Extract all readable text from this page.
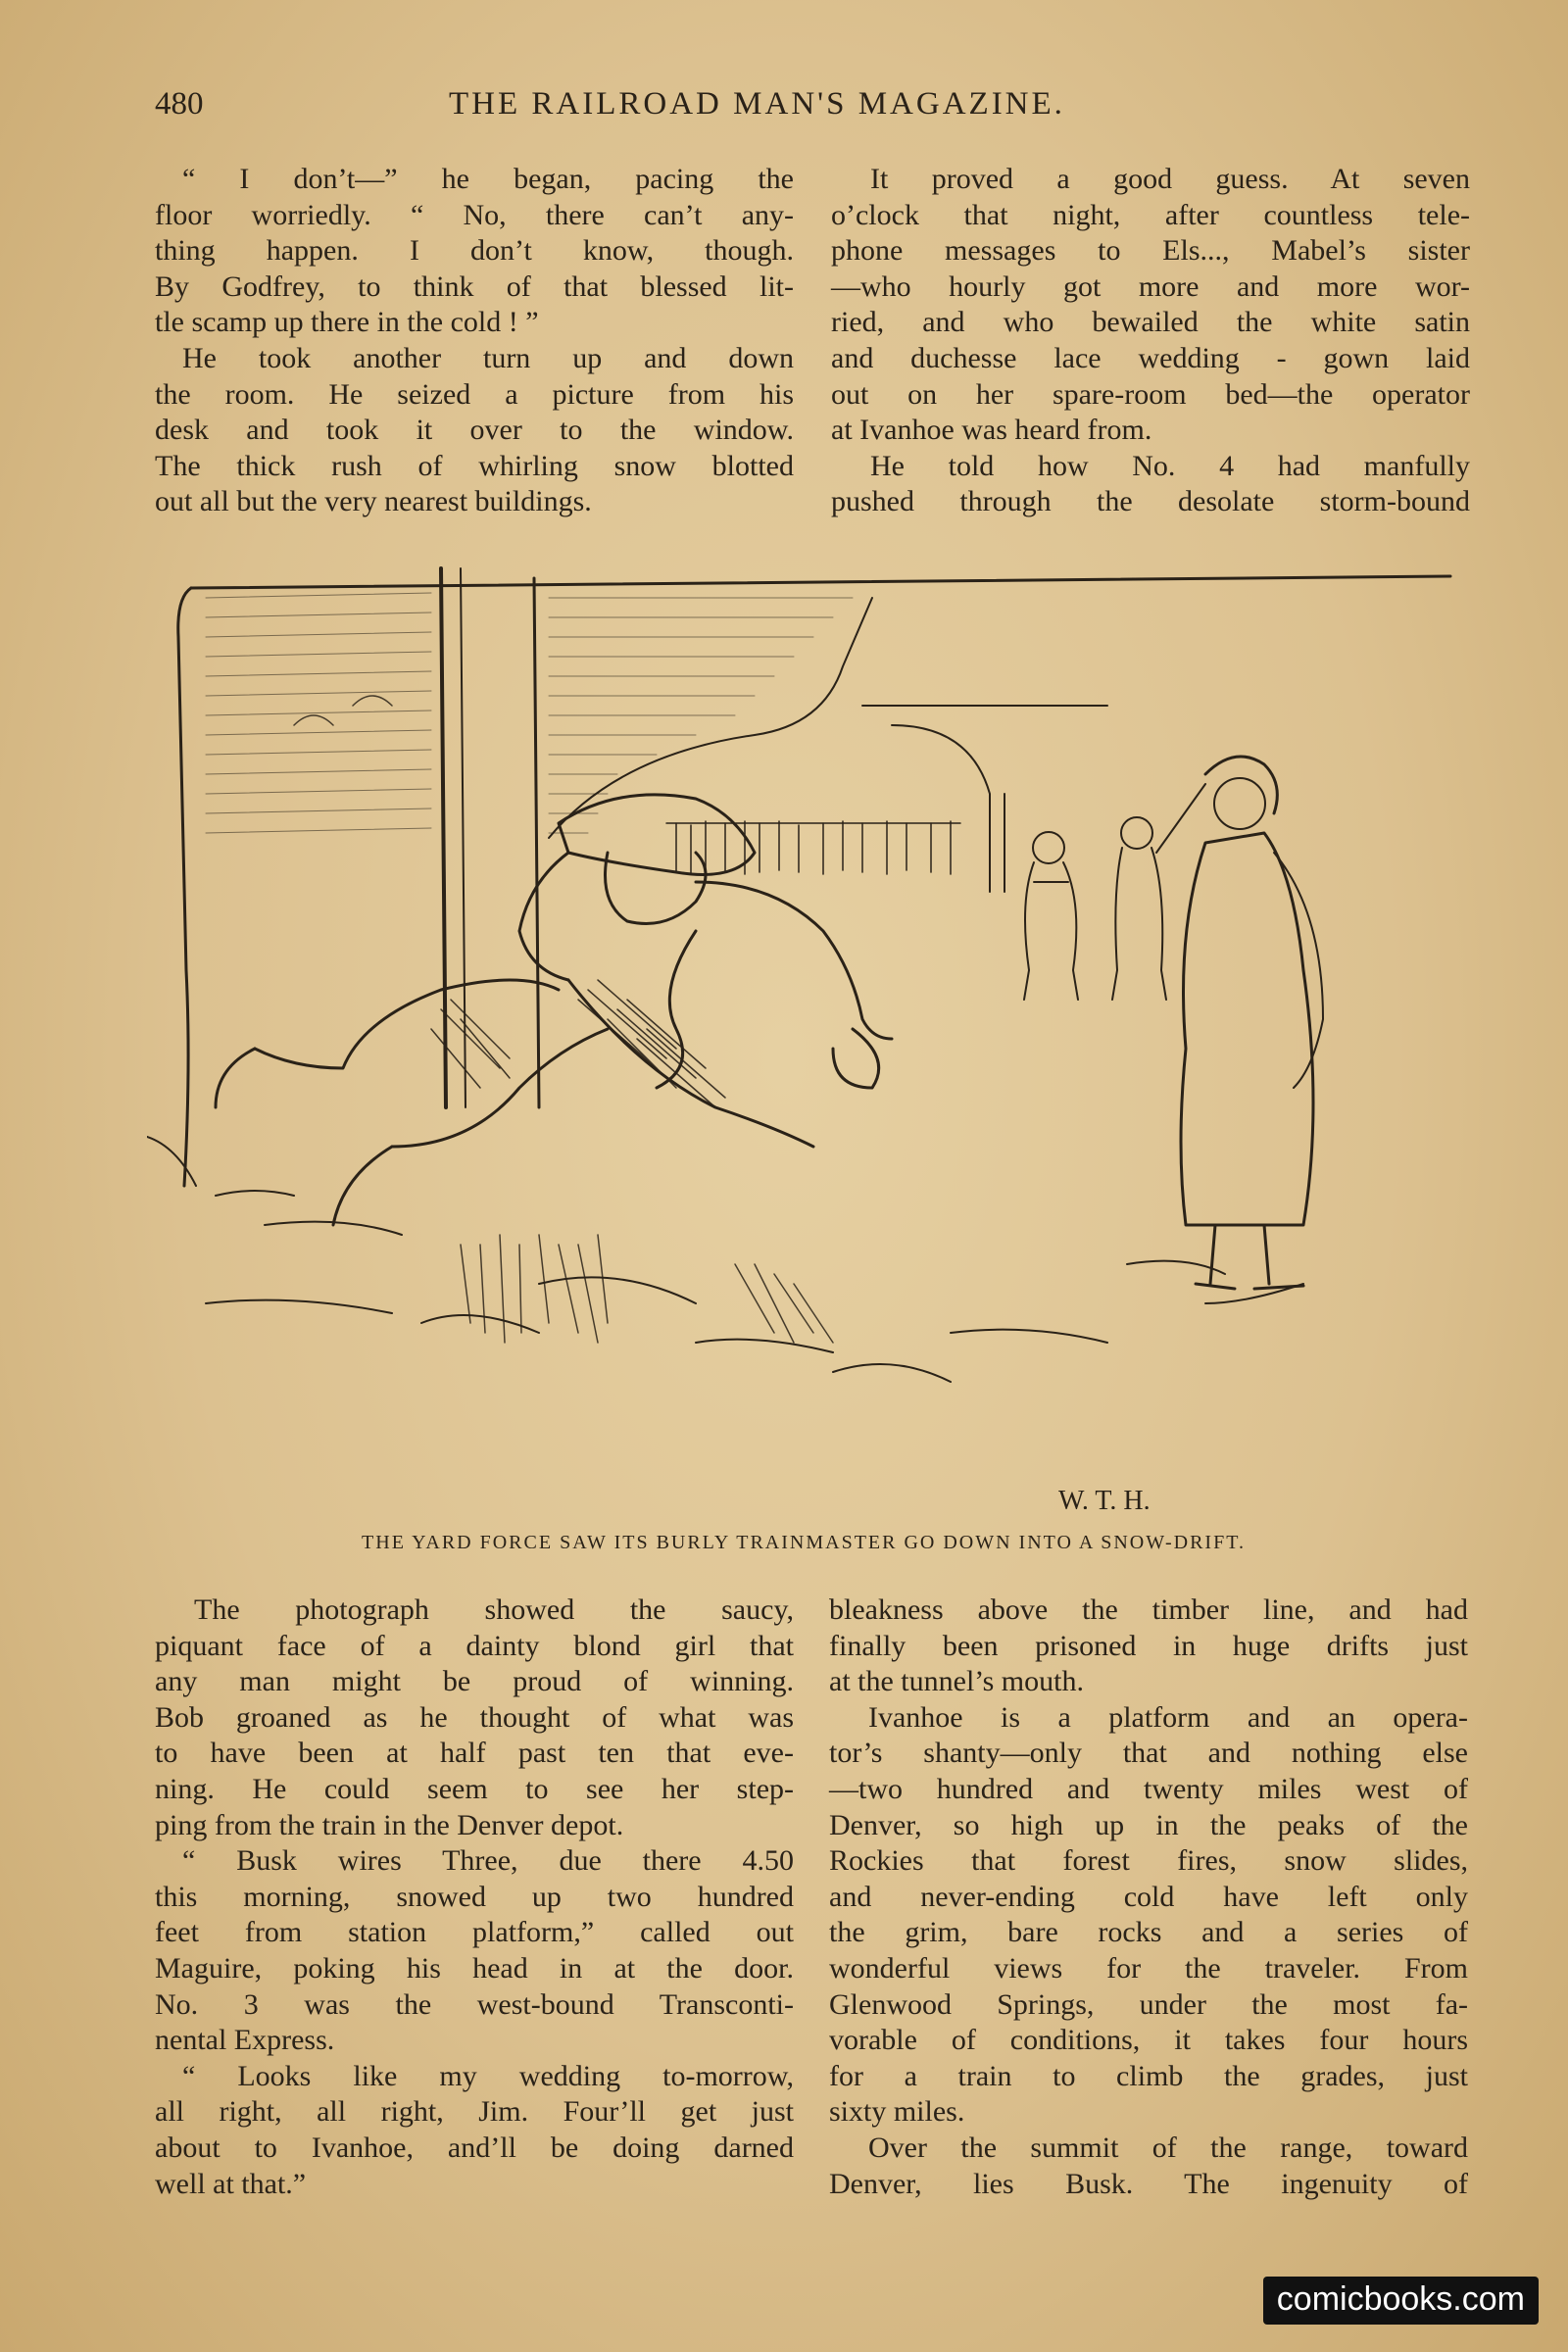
480	THE RAILROAD MAN'S MAGAZINE.
“ I don’t—” he began, pacing the
floor worriedly. “ No, there can’t any-
thing happen. I don’t know, though.
By Godfrey, to think of that blessed lit-
tle scamp up there in the cold ! ”
He took another turn up and down
the room. He seized a picture from his
desk and took it over to the window.
The thick rush of whirling snow blotted
out all but the very nearest buildings.
It proved a good guess. At seven
o’clock that night, after countless tele-
phone messages to Els..., Mabel’s sister
—who hourly got more and more wor-
ried, and who bewailed the white satin
and duchesse lace wedding - gown laid
out on her spare-room bed—the operator
at Ivanhoe was heard from.
He told how No. 4 had manfully
pushed through the desolate storm-bound
W. T. H.
THE YARD FORCE SAW ITS BURLY TRAINMASTER GO DOWN INTO A SNOW-DRIFT.
The photograph showed the saucy,
piquant face of a dainty blond girl that
any man might be proud of winning.
Bob groaned as he thought of what was
to have been at half past ten that eve-
ning. He could seem to see her step-
ping from the train in the Denver depot.
“ Busk wires Three, due there 4.50
this morning, snowed up two hundred
feet from station platform,” called out
Maguire, poking his head in at the door.
No. 3 was the west-bound Transconti-
nental Express.
“ Looks like my wedding to-morrow,
all right, all right, Jim. Four’ll get just
about to Ivanhoe, and’ll be doing darned
well at that.”
bleakness above the timber line, and had
finally been prisoned in huge drifts just
at the tunnel’s mouth.
Ivanhoe is a platform and an opera-
tor’s shanty—only that and nothing else
—two hundred and twenty miles west of
Denver, so high up in the peaks of the
Rockies that forest fires, snow slides,
and never-ending cold have left only
the grim, bare rocks and a series of
wonderful views for the traveler. From
Glenwood Springs, under the most fa-
vorable of conditions, it takes four hours
for a train to climb the grades, just
sixty miles.
Over the summit of the range, toward
Denver, lies Busk. The ingenuity of
comicbooks.com
